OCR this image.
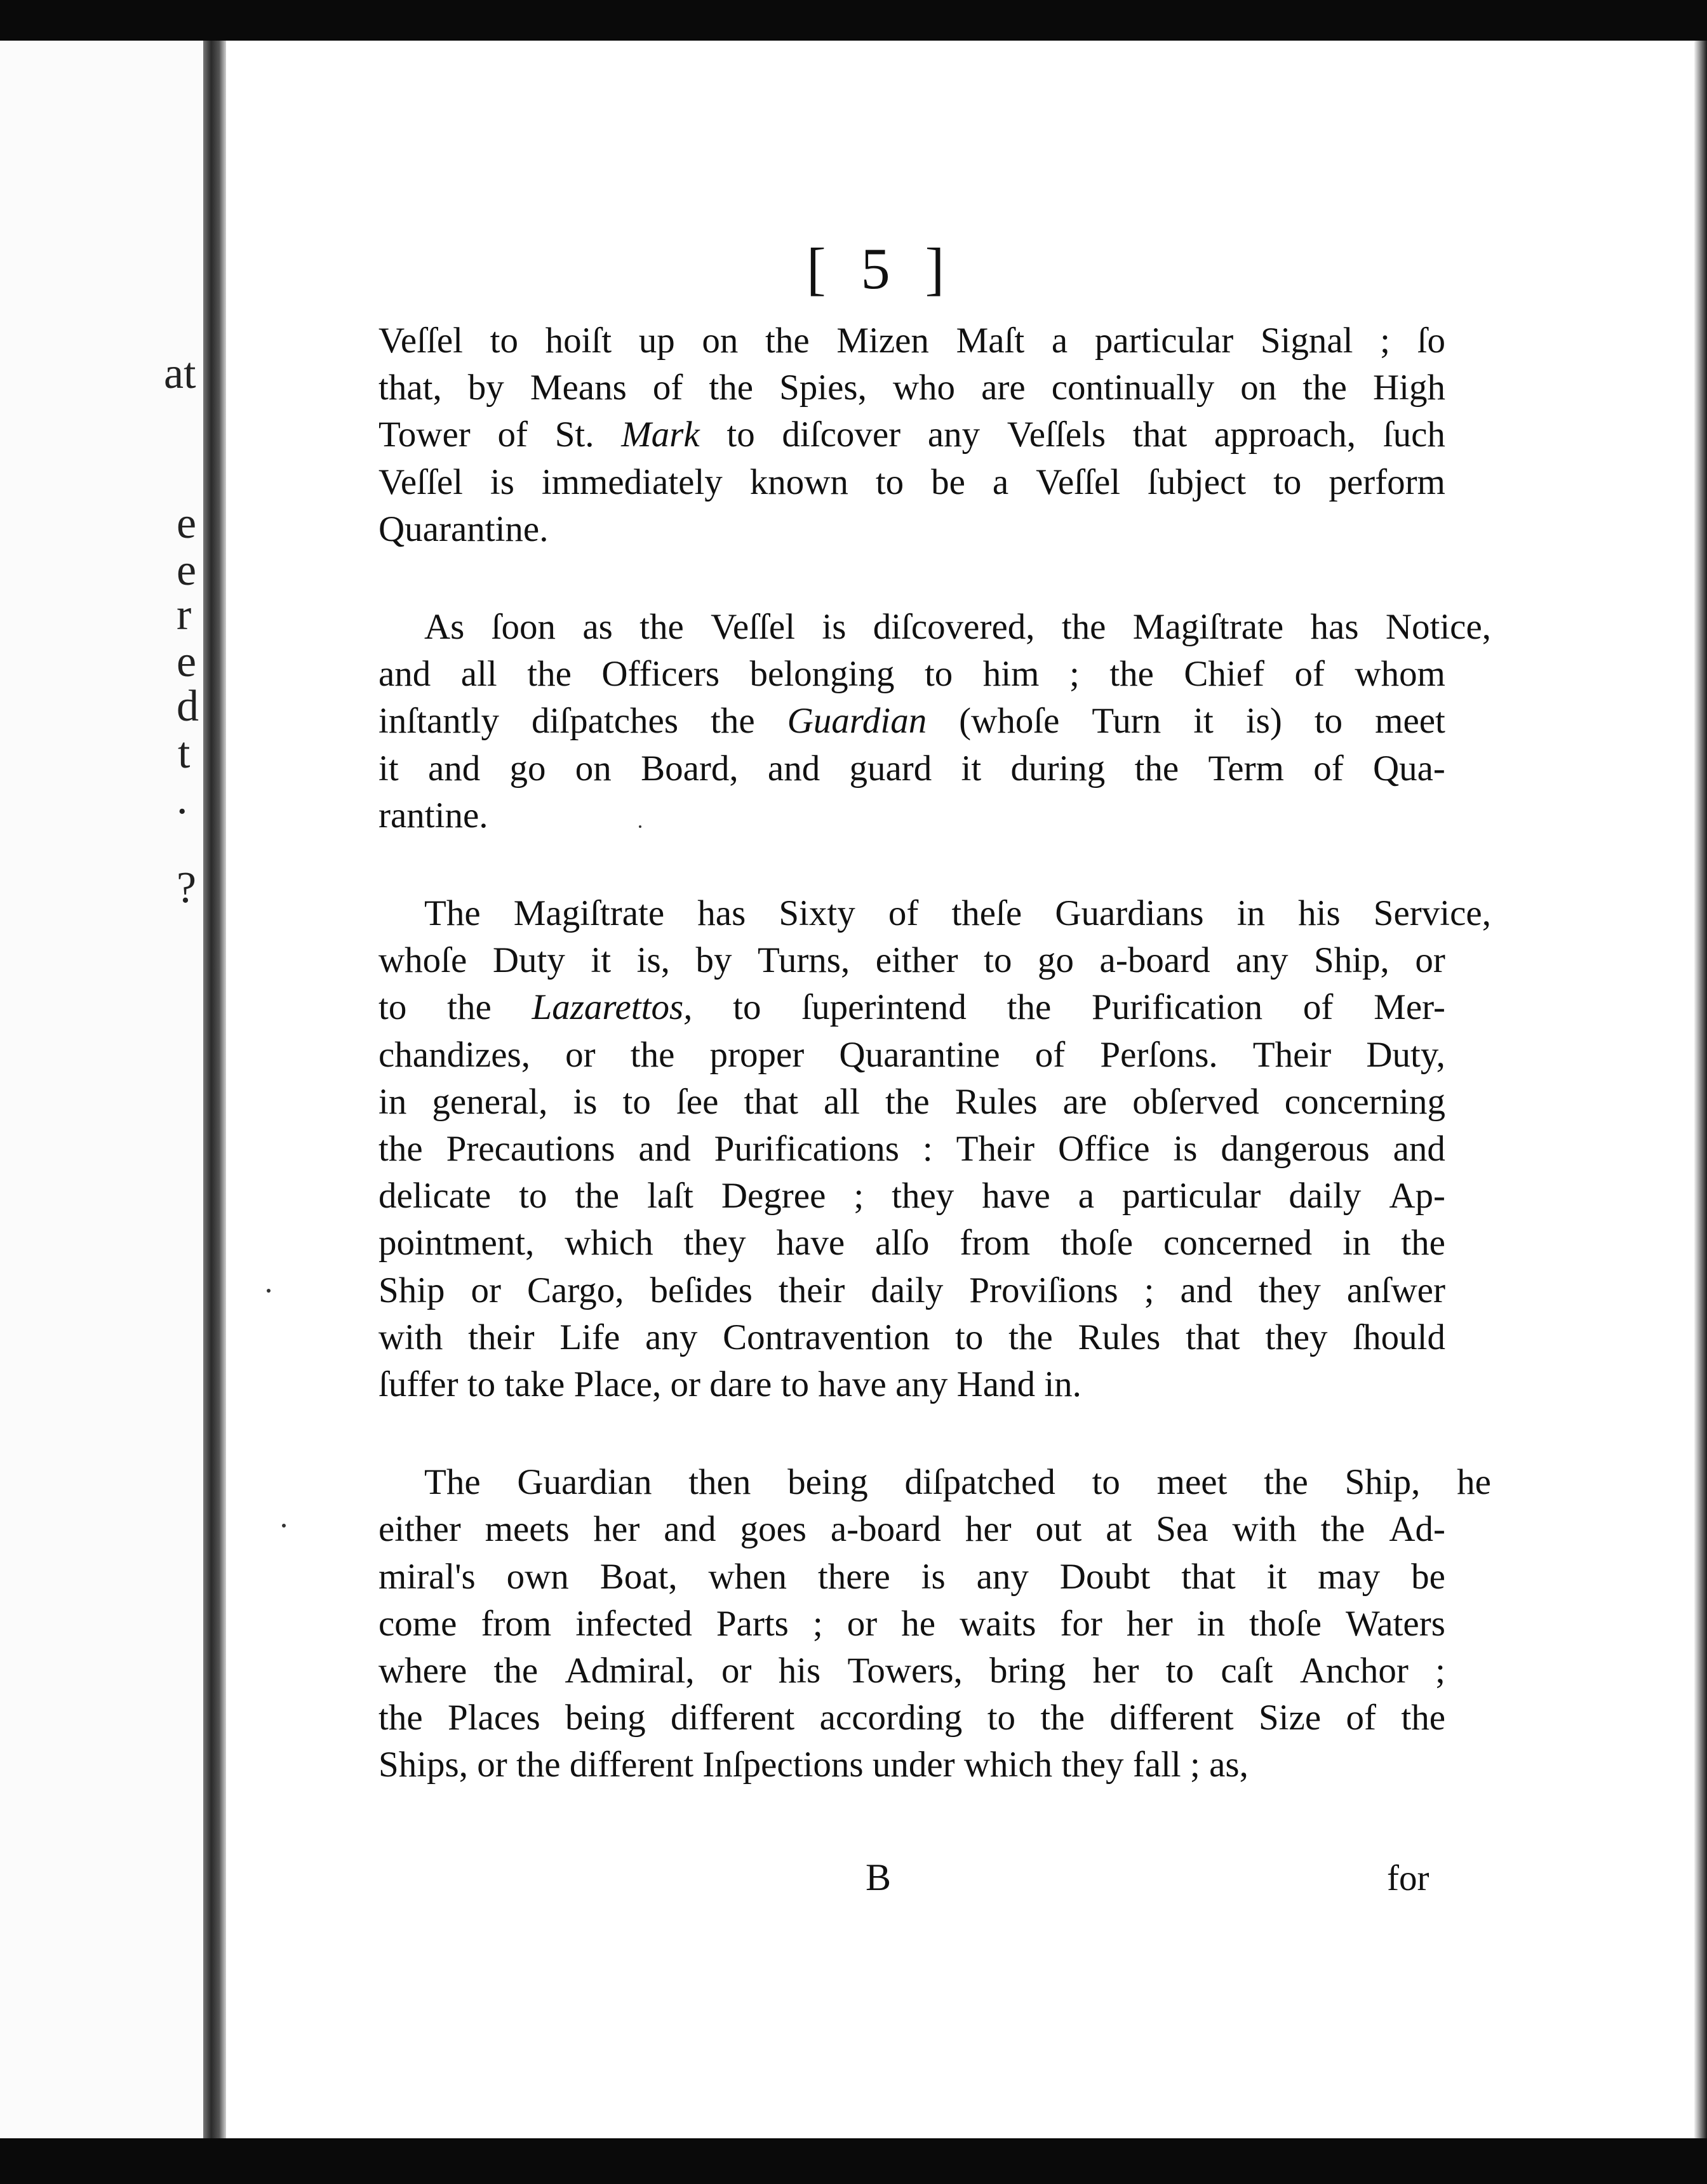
at
e
e
r
e
d
t
.
?
[ 5 ]
Veſſel to hoiſt up on the Mizen Maſt a particular Signal ; ſo
that, by Means of the Spies, who are continually on the High
Tower of St. Mark to diſcover any Veſſels that approach, ſuch
Veſſel is immediately known to be a Veſſel ſubject to perform
Quarantine.
As ſoon as the Veſſel is diſcovered, the Magiſtrate has Notice,
and all the Officers belonging to him ; the Chief of whom
inſtantly diſpatches the Guardian (whoſe Turn it is) to meet
it and go on Board, and guard it during the Term of Qua-
rantine.
The Magiſtrate has Sixty of theſe Guardians in his Service,
whoſe Duty it is, by Turns, either to go a-board any Ship, or
to the Lazarettos, to ſuperintend the Purification of Mer-
chandizes, or the proper Quarantine of Perſons. Their Duty,
in general, is to ſee that all the Rules are obſerved concerning
the Precautions and Purifications : Their Office is dangerous and
delicate to the laſt Degree ; they have a particular daily Ap-
pointment, which they have alſo from thoſe concerned in the
Ship or Cargo, beſides their daily Proviſions ; and they anſwer
with their Life any Contravention to the Rules that they ſhould
ſuffer to take Place, or dare to have any Hand in.
The Guardian then being diſpatched to meet the Ship, he
either meets her and goes a-board her out at Sea with the Ad-
miral's own Boat, when there is any Doubt that it may be
come from infected Parts ; or he waits for her in thoſe Waters
where the Admiral, or his Towers, bring her to caſt Anchor ;
the Places being different according to the different Size of the
Ships, or the different Inſpections under which they fall ; as,
B	for
